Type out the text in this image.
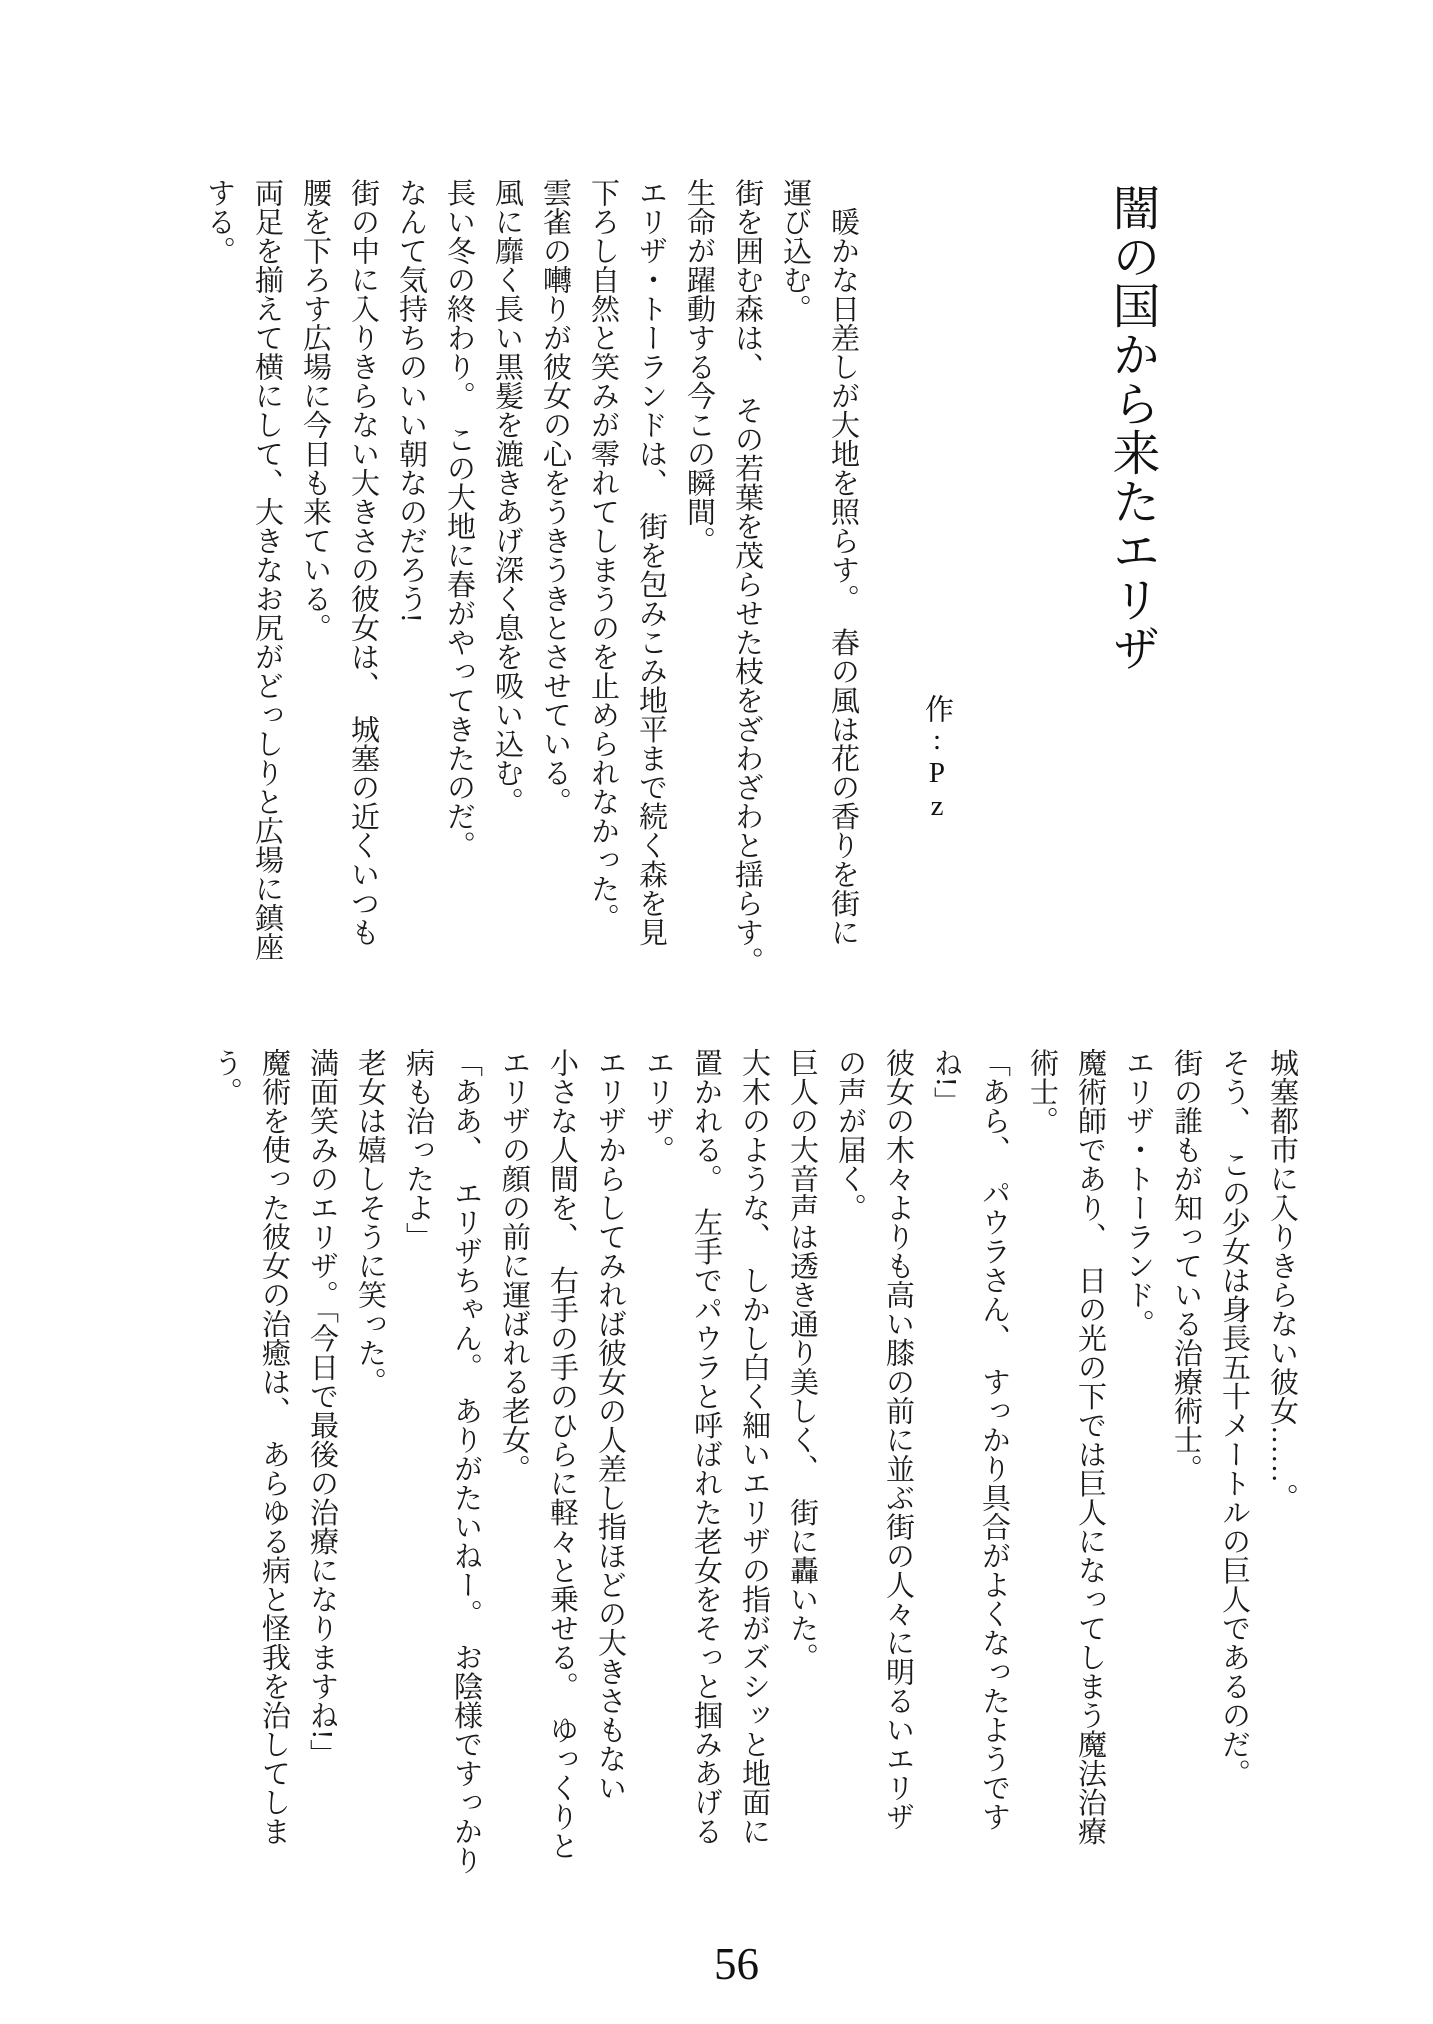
闇の国から来たエリザ
作:Pz

　暖かな日差しが大地を照らす。　春の風は花の香りを街に

運び込む。

街を囲む森は、　その若葉を茂らせた枝をざわざわと揺らす。

生命が躍動する今この瞬間。

エリザ・トーランドは、　街を包みこみ地平まで続く森を見

下ろし自然と笑みが零れてしまうのを止められなかった。

雲雀の囀りが彼女の心をうきうきとさせている。

風に靡く長い黒髪を漉きあげ深く息を吸い込む。

長い冬の終わり。　この大地に春がやってきたのだ。

なんて気持ちのいい朝なのだろう!

街の中に入りきらない大きさの彼女は、　城塞の近くいつも

腰を下ろす広場に今日も来ている。

両足を揃えて横にして、大きなお尻がどっしりと広場に鎮座

する。

城塞都市に入りきらない彼女……。

そう、　この少女は身長五十メートルの巨人であるのだ。

街の誰もが知っている治療術士。

エリザ・トーランド。

魔術師であり、　日の光の下では巨人になってしまう魔法治療

術士。

「あら、　パウラさん、　すっかり具合がよくなったようです

ね!」

彼女の木々よりも高い膝の前に並ぶ街の人々に明るいエリザ

の声が届く。

巨人の大音声は透き通り美しく、　街に轟いた。

大木のような、　しかし白く細いエリザの指がズシッと地面に

置かれる。　左手でパウラと呼ばれた老女をそっと掴みあげる

エリザ。

エリザからしてみれば彼女の人差し指ほどの大きさもない

小さな人間を、　右手の手のひらに軽々と乗せる。　ゆっくりと

エリザの顔の前に運ばれる老女。

「ああ、　エリザちゃん。　ありがたいねー。　お陰様ですっかり

病も治ったよ」

老女は嬉しそうに笑った。

満面笑みのエリザ。「今日で最後の治療になりますね!」

魔術を使った彼女の治癒は、　あらゆる病と怪我を治してしま

う。

56
